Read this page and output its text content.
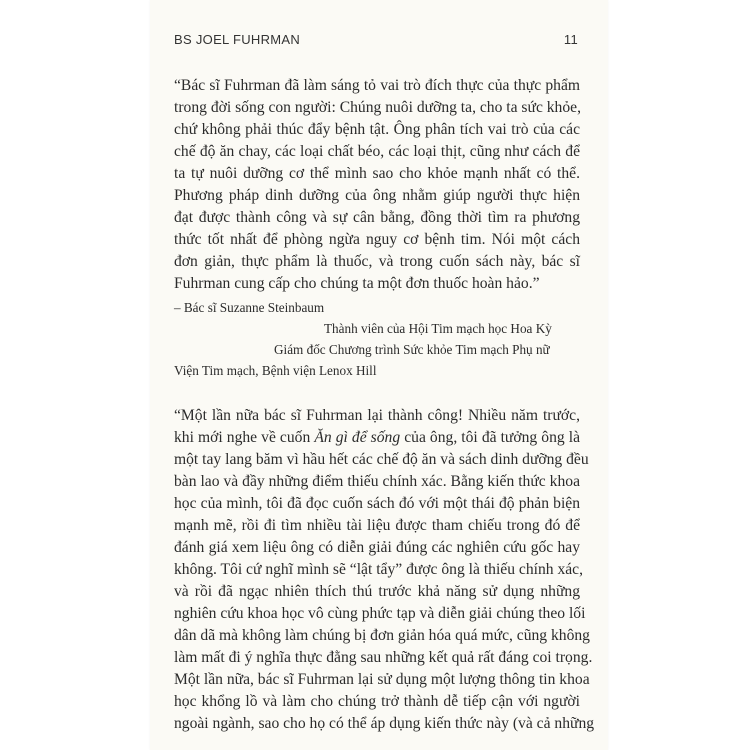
BS JOEL FUHRMAN	11
“Bác sĩ Fuhrman đã làm sáng tỏ vai trò đích thực của thực phẩm
trong đời sống con người: Chúng nuôi dưỡng ta, cho ta sức khỏe,
chứ không phải thúc đẩy bệnh tật. Ông phân tích vai trò của các
chế độ ăn chay, các loại chất béo, các loại thịt, cũng như cách để
ta tự nuôi dưỡng cơ thể mình sao cho khỏe mạnh nhất có thể.
Phương pháp dinh dưỡng của ông nhằm giúp người thực hiện
đạt được thành công và sự cân bằng, đồng thời tìm ra phương
thức tốt nhất để phòng ngừa nguy cơ bệnh tim. Nói một cách
đơn giản, thực phẩm là thuốc, và trong cuốn sách này, bác sĩ
Fuhrman cung cấp cho chúng ta một đơn thuốc hoàn hảo.”
– Bác sĩ Suzanne Steinbaum
Thành viên của Hội Tim mạch học Hoa Kỳ
Giám đốc Chương trình Sức khỏe Tim mạch Phụ nữ
Viện Tim mạch, Bệnh viện Lenox Hill
“Một lần nữa bác sĩ Fuhrman lại thành công! Nhiều năm trước,
khi mới nghe về cuốn Ăn gì để sống của ông, tôi đã tưởng ông là
một tay lang băm vì hầu hết các chế độ ăn và sách dinh dưỡng đều
bàn lao và đầy những điểm thiếu chính xác. Bằng kiến thức khoa
học của mình, tôi đã đọc cuốn sách đó với một thái độ phản biện
mạnh mẽ, rồi đi tìm nhiều tài liệu được tham chiếu trong đó để
đánh giá xem liệu ông có diễn giải đúng các nghiên cứu gốc hay
không. Tôi cứ nghĩ mình sẽ “lật tẩy” được ông là thiếu chính xác,
và rồi đã ngạc nhiên thích thú trước khả năng sử dụng những
nghiên cứu khoa học vô cùng phức tạp và diễn giải chúng theo lối
dân dã mà không làm chúng bị đơn giản hóa quá mức, cũng không
làm mất đi ý nghĩa thực đằng sau những kết quả rất đáng coi trọng.
Một lần nữa, bác sĩ Fuhrman lại sử dụng một lượng thông tin khoa
học khổng lồ và làm cho chúng trở thành dễ tiếp cận với người
ngoài ngành, sao cho họ có thể áp dụng kiến thức này (và cả những
